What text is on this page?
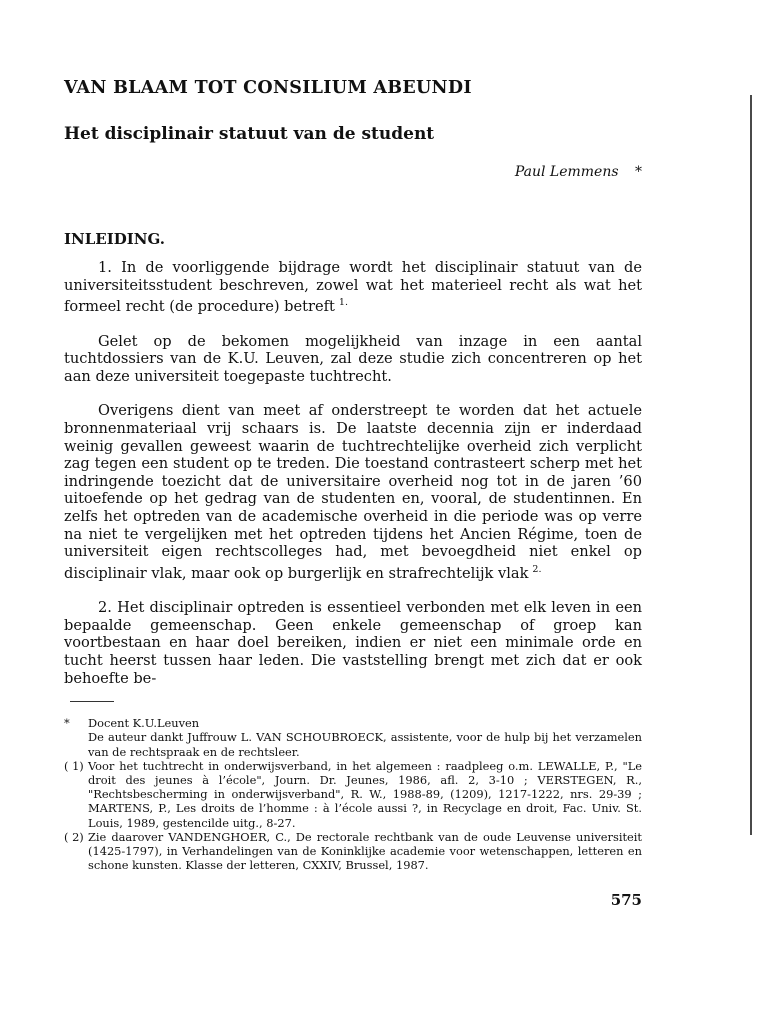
VAN BLAAM TOT CONSILIUM ABEUNDI
Het disciplinair statuut van de student
Paul Lemmens *
INLEIDING.

1. In de voorliggende bijdrage wordt het disciplinair statuut van de universiteitsstudent beschreven, zowel wat het materieel recht als wat het formeel recht (de procedure) betreft $^{1.}$

Gelet op de bekomen mogelijkheid van inzage in een aantal tuchtdossiers van de K.U. Leuven, zal deze studie zich concentreren op het aan deze universiteit toegepaste tuchtrecht.

Overigens dient van meet af onderstreept te worden dat het actuele bronnenmateriaal vrij schaars is. De laatste decennia zijn er inderdaad weinig gevallen geweest waarin de tuchtrechtelijke overheid zich verplicht zag tegen een student op te treden. Die toestand contrasteert scherp met het indringende toezicht dat de universitaire overheid nog tot in de jaren ’60 uitoefende op het gedrag van de studenten en, vooral, de studentinnen. En zelfs het optreden van de academische overheid in die periode was op verre na niet te vergelijken met het optreden tijdens het Ancien Régime, toen de universiteit eigen rechtscolleges had, met bevoegdheid niet enkel op disciplinair vlak, maar ook op burgerlijk en strafrechtelijk vlak $^{2.}$

2. Het disciplinair optreden is essentieel verbonden met elk leven in een bepaalde gemeenschap. Geen enkele gemeenschap of groep kan voortbestaan en haar doel bereiken, indien er niet een minimale orde en tucht heerst tussen haar leden. Die vaststelling brengt met zich dat er ook behoefte be-

*	Docent K.U.Leuven
De auteur dankt Juffrouw L. VAN SCHOUBROECK, assistente, voor de hulp bij het verzamelen van de rechtspraak en de rechtsleer.
( 1) Voor het tuchtrecht in onderwijsverband, in het algemeen : raadpleeg o.m. LEWALLE, P., "Le droit des jeunes à l’école", Journ. Dr. Jeunes, 1986, afl. 2, 3-10 ; VERSTEGEN, R., "Rechtsbescherming in onderwijsverband", R. W., 1988-89, (1209), 1217-1222, nrs. 29-39 ; MARTENS, P., Les droits de l’homme : à l’école aussi ?, in Recyclage en droit, Fac. Univ. St. Louis, 1989, gestencilde uitg., 8-27.
( 2) Zie daarover VANDENGHOER, C., De rectorale rechtbank van de oude Leuvense universiteit (1425-1797), in Verhandelingen van de Koninklijke academie voor wetenschappen, letteren en schone kunsten. Klasse der letteren, CXXIV, Brussel, 1987.
575
